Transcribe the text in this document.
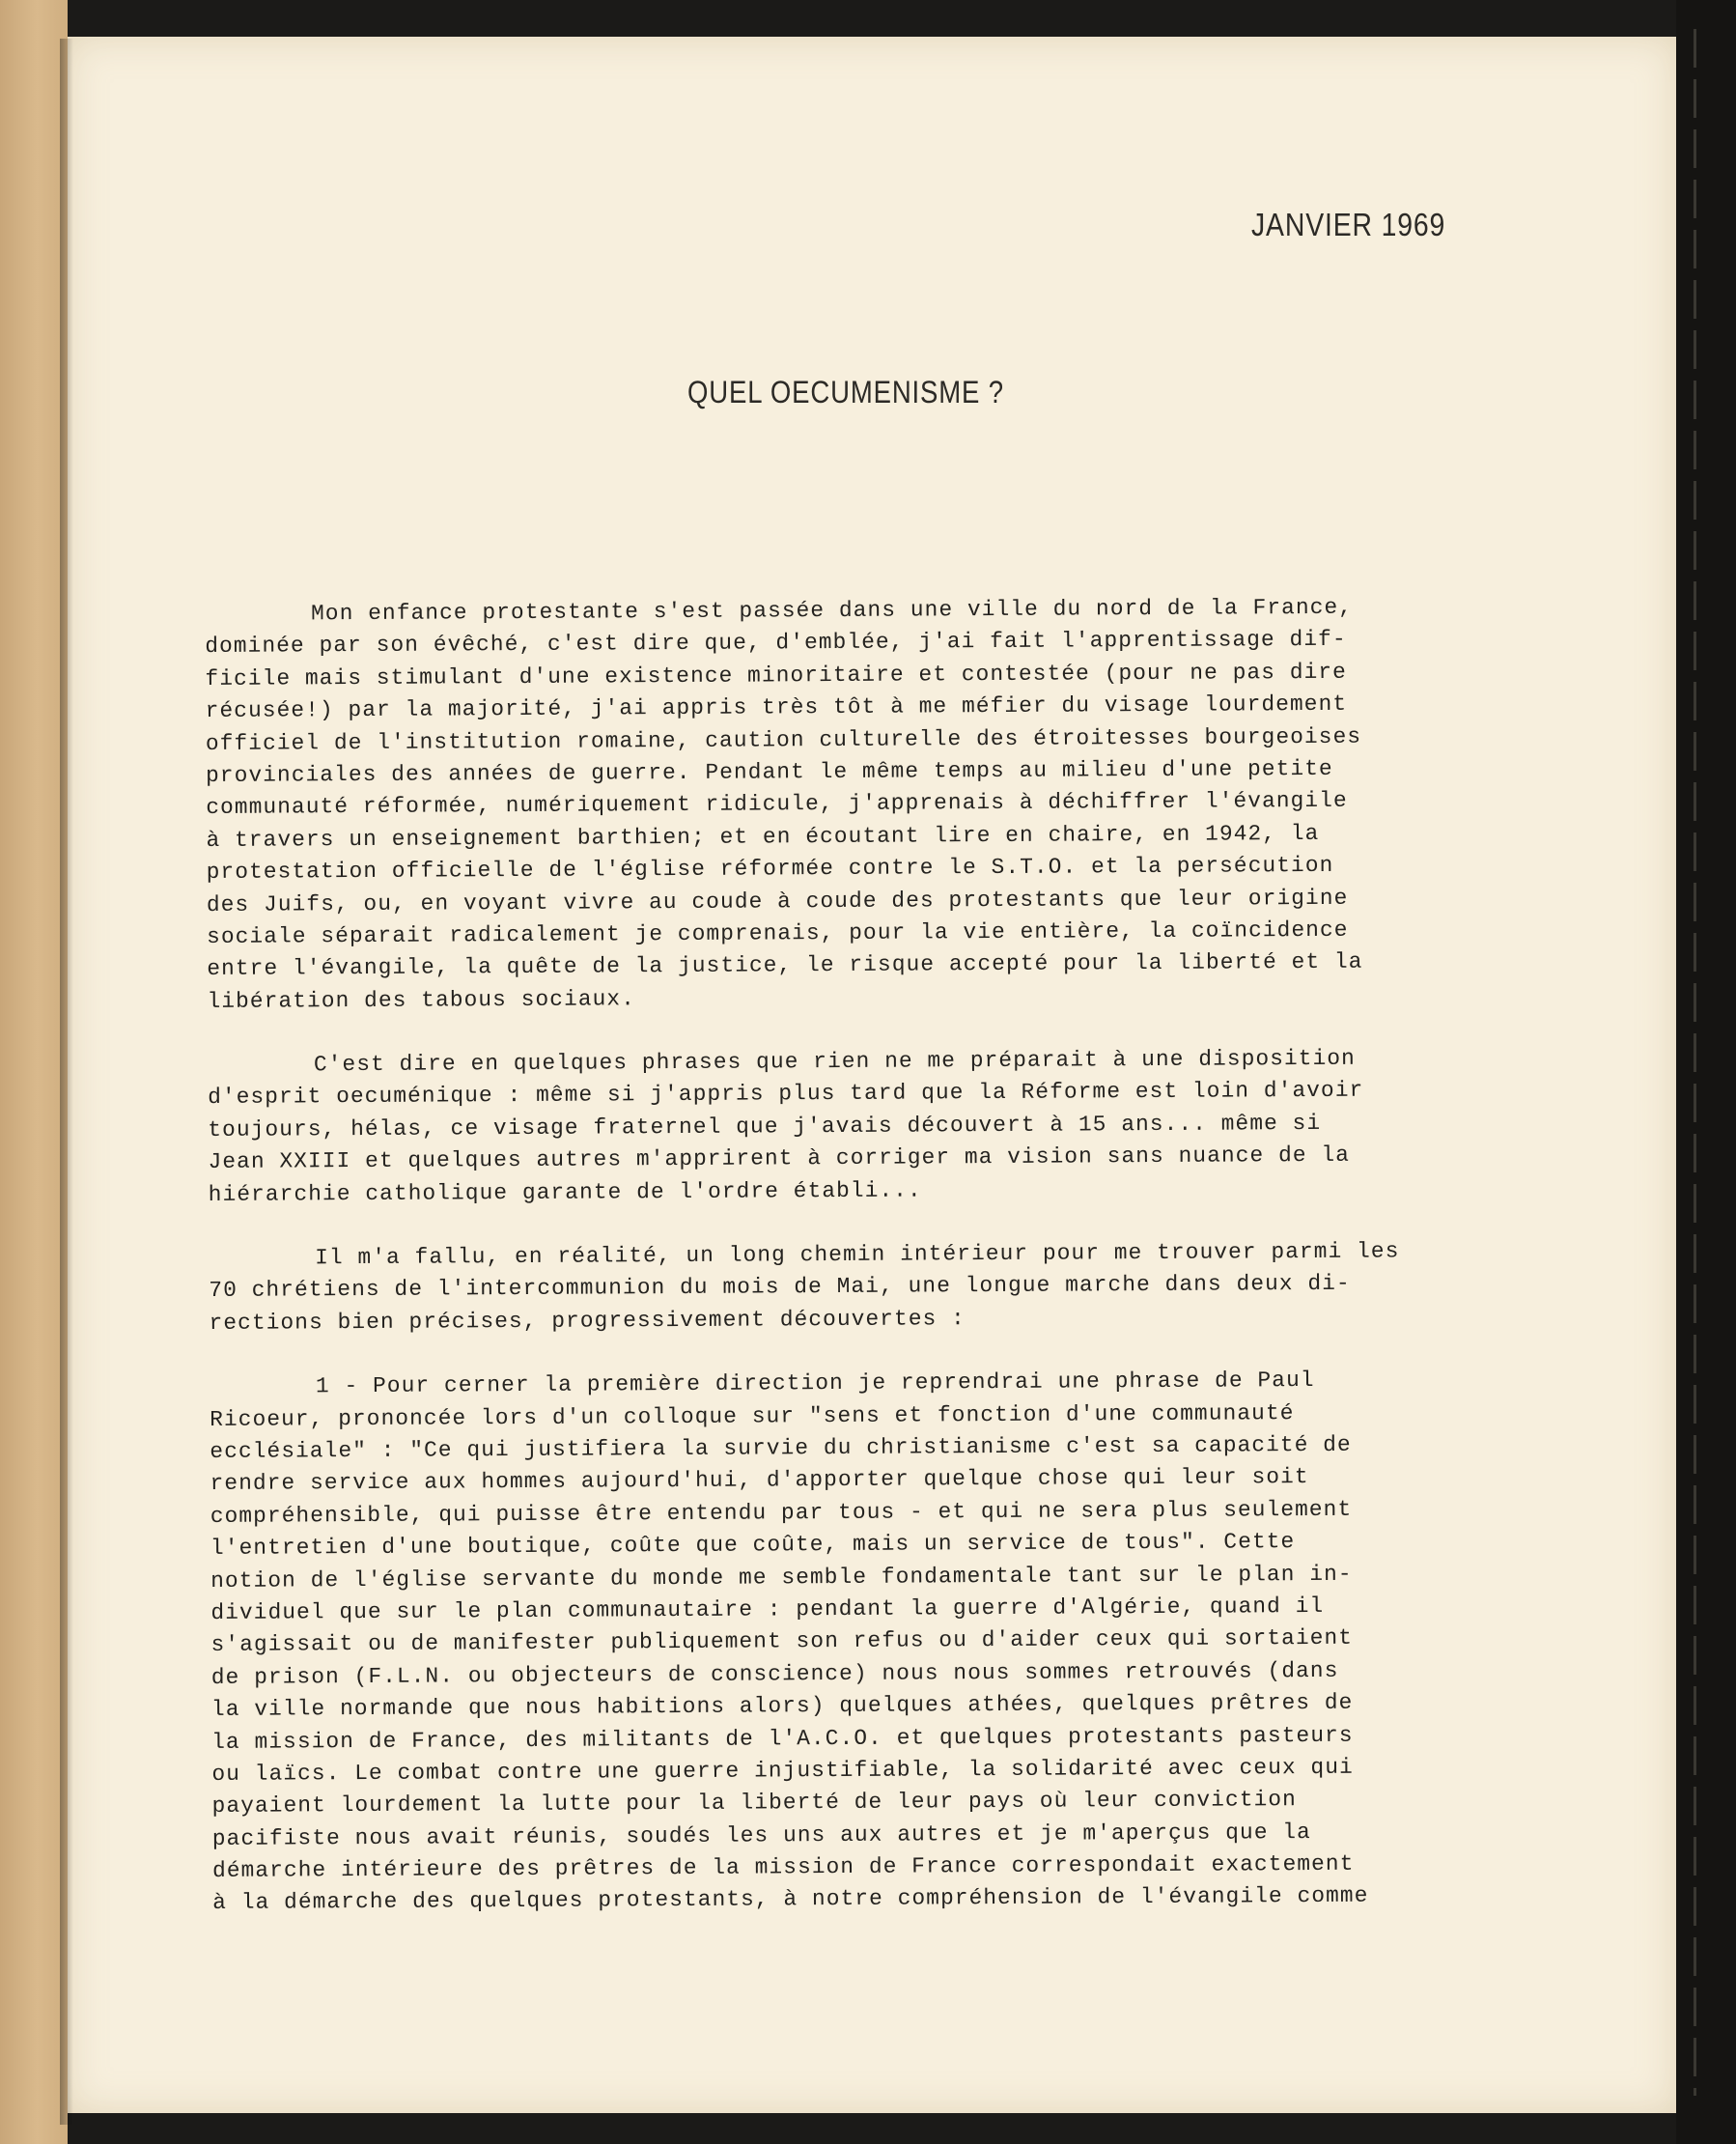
JANVIER 1969
QUEL OECUMENISME ?
Mon enfance protestante s'est passée dans une ville du nord de la France,
dominée par son évêché, c'est dire que, d'emblée, j'ai fait l'apprentissage dif-
ficile mais stimulant d'une existence minoritaire et contestée (pour ne pas dire
récusée!) par la majorité, j'ai appris très tôt à me méfier du visage lourdement
officiel de l'institution romaine, caution culturelle des étroitesses bourgeoises
provinciales des années de guerre. Pendant le même temps au milieu d'une petite
communauté réformée, numériquement ridicule, j'apprenais à déchiffrer l'évangile
à travers un enseignement barthien; et en écoutant lire en chaire, en 1942, la
protestation officielle de l'église réformée contre le S.T.O. et la persécution
des Juifs, ou, en voyant vivre au coude à coude des protestants que leur origine
sociale séparait radicalement je comprenais, pour la vie entière, la coïncidence
entre l'évangile, la quête de la justice, le risque accepté pour la liberté et la
libération des tabous sociaux.
C'est dire en quelques phrases que rien ne me préparait à une disposition
d'esprit oecuménique : même si j'appris plus tard que la Réforme est loin d'avoir
toujours, hélas, ce visage fraternel que j'avais découvert à 15 ans... même si
Jean XXIII et quelques autres m'apprirent à corriger ma vision sans nuance de la
hiérarchie catholique garante de l'ordre établi...
Il m'a fallu, en réalité, un long chemin intérieur pour me trouver parmi les
70 chrétiens de l'intercommunion du mois de Mai, une longue marche dans deux di-
rections bien précises, progressivement découvertes :
1 - Pour cerner la première direction je reprendrai une phrase de Paul
Ricoeur, prononcée lors d'un colloque sur "sens et fonction d'une communauté
ecclésiale" : "Ce qui justifiera la survie du christianisme c'est sa capacité de
rendre service aux hommes aujourd'hui, d'apporter quelque chose qui leur soit
compréhensible, qui puisse être entendu par tous - et qui ne sera plus seulement
l'entretien d'une boutique, coûte que coûte, mais un service de tous". Cette
notion de l'église servante du monde me semble fondamentale tant sur le plan in-
dividuel que sur le plan communautaire : pendant la guerre d'Algérie, quand il
s'agissait ou de manifester publiquement son refus ou d'aider ceux qui sortaient
de prison (F.L.N. ou objecteurs de conscience) nous nous sommes retrouvés (dans
la ville normande que nous habitions alors) quelques athées, quelques prêtres de
la mission de France, des militants de l'A.C.O. et quelques protestants pasteurs
ou laïcs. Le combat contre une guerre injustifiable, la solidarité avec ceux qui
payaient lourdement la lutte pour la liberté de leur pays où leur conviction
pacifiste nous avait réunis, soudés les uns aux autres et je m'aperçus que la
démarche intérieure des prêtres de la mission de France correspondait exactement
à la démarche des quelques protestants, à notre compréhension de l'évangile comme
